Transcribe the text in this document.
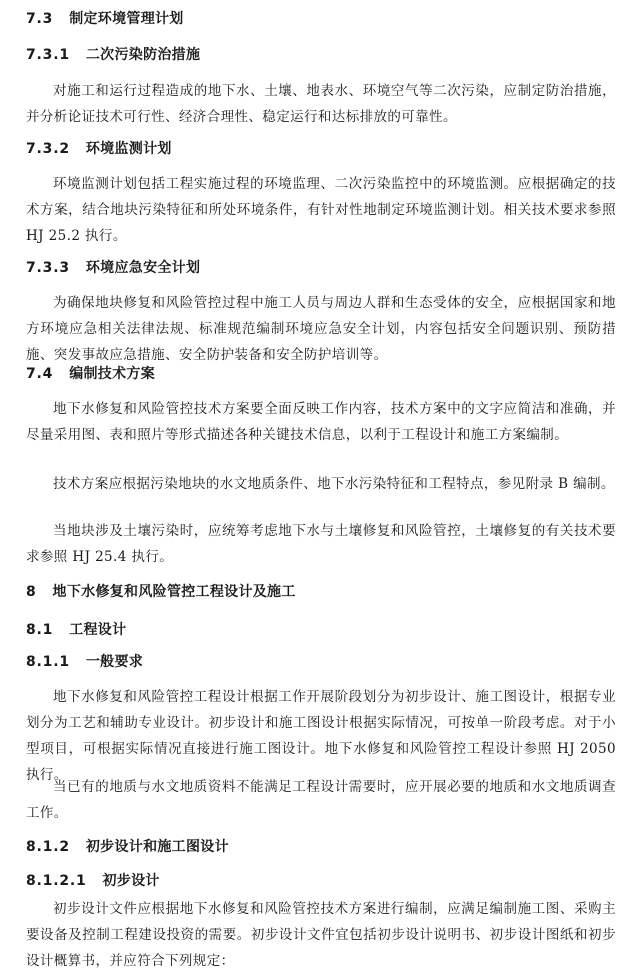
7.3 制定环境管理计划
7.3.1 二次污染防治措施

对施工和运行过程造成的地下水、土壤、地表水、环境空气等二次污染，应制定防治措施，并分析论证技术可行性、经济合理性、稳定运行和达标排放的可靠性。

7.3.2 环境监测计划

环境监测计划包括工程实施过程的环境监理、二次污染监控中的环境监测。应根据确定的技术方案，结合地块污染特征和所处环境条件，有针对性地制定环境监测计划。相关技术要求参照 HJ 25.2 执行。

7.3.3 环境应急安全计划

为确保地块修复和风险管控过程中施工人员与周边人群和生态受体的安全，应根据国家和地方环境应急相关法律法规、标准规范编制环境应急安全计划，内容包括安全问题识别、预防措施、突发事故应急措施、安全防护装备和安全防护培训等。

7.4 编制技术方案

地下水修复和风险管控技术方案要全面反映工作内容，技术方案中的文字应简洁和准确，并尽量采用图、表和照片等形式描述各种关键技术信息，以利于工程设计和施工方案编制。

技术方案应根据污染地块的水文地质条件、地下水污染特征和工程特点，参见附录 B 编制。

当地块涉及土壤污染时，应统筹考虑地下水与土壤修复和风险管控，土壤修复的有关技术要求参照 HJ 25.4 执行。

8 地下水修复和风险管控工程设计及施工
8.1 工程设计
8.1.1 一般要求

地下水修复和风险管控工程设计根据工作开展阶段划分为初步设计、施工图设计，根据专业划分为工艺和辅助专业设计。初步设计和施工图设计根据实际情况，可按单一阶段考虑。对于小型项目，可根据实际情况直接进行施工图设计。地下水修复和风险管控工程设计参照 HJ 2050 执行。

当已有的地质与水文地质资料不能满足工程设计需要时，应开展必要的地质和水文地质调查工作。

8.1.2 初步设计和施工图设计
8.1.2.1 初步设计

初步设计文件应根据地下水修复和风险管控技术方案进行编制，应满足编制施工图、采购主要设备及控制工程建设投资的需要。初步设计文件宜包括初步设计说明书、初步设计图纸和初步设计概算书，并应符合下列规定：
